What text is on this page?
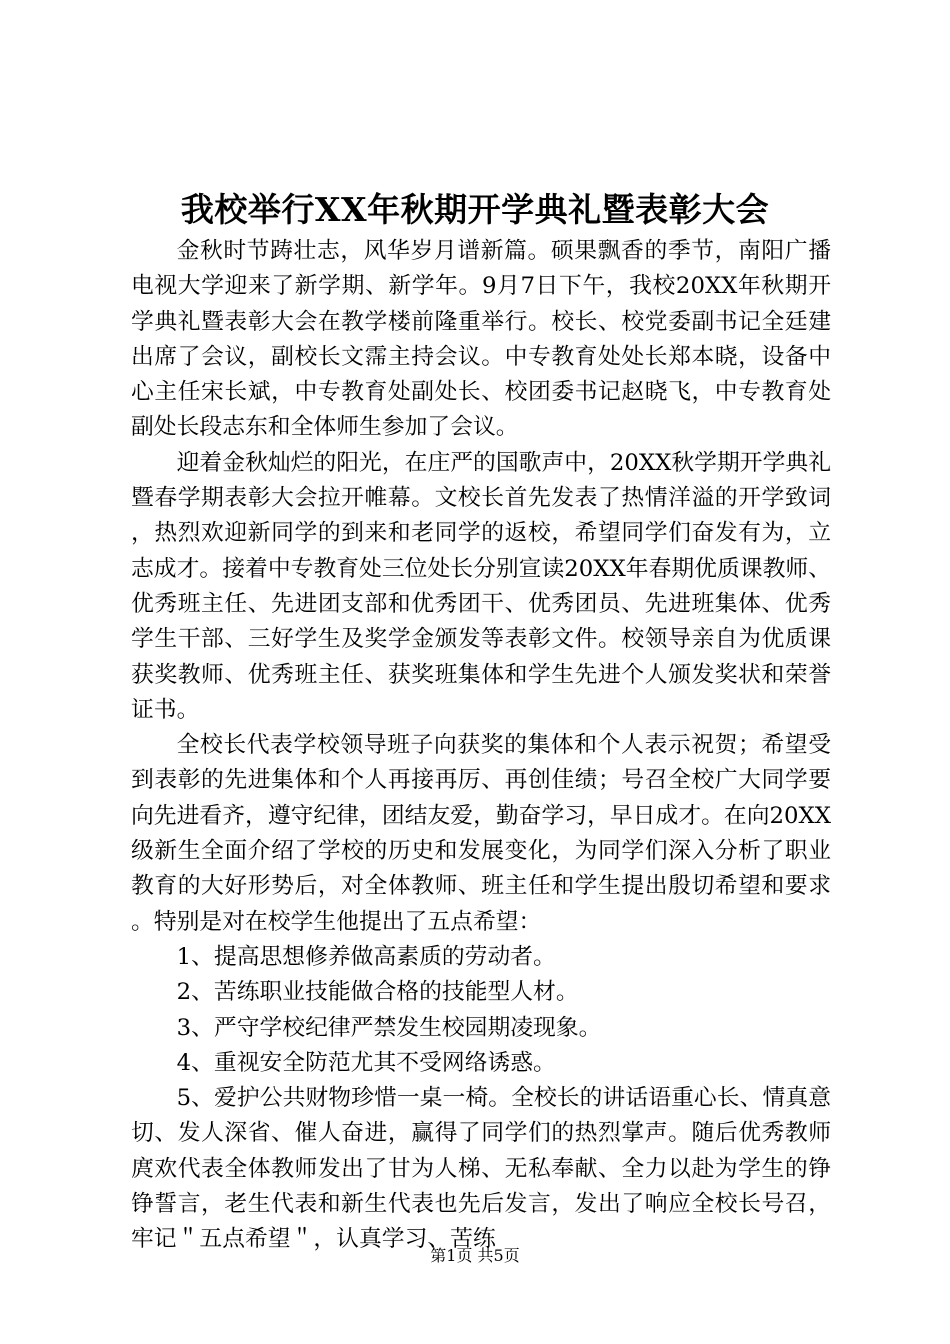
我校举行XX年秋期开学典礼暨表彰大会

金秋时节踌壮志，风华岁月谱新篇。硕果飘香的季节，南阳广播电视大学迎来了新学期、新学年。9月7日下午，我校20XX年秋期开学典礼暨表彰大会在教学楼前隆重举行。校长、校党委副书记全廷建出席了会议，副校长文霈主持会议。中专教育处处长郑本晓，设备中心主任宋长斌，中专教育处副处长、校团委书记赵晓飞，中专教育处副处长段志东和全体师生参加了会议。

迎着金秋灿烂的阳光，在庄严的国歌声中，20XX秋学期开学典礼暨春学期表彰大会拉开帷幕。文校长首先发表了热情洋溢的开学致词，热烈欢迎新同学的到来和老同学的返校，希望同学们奋发有为，立志成才。接着中专教育处三位处长分别宣读20XX年春期优质课教师、优秀班主任、先进团支部和优秀团干、优秀团员、先进班集体、优秀学生干部、三好学生及奖学金颁发等表彰文件。校领导亲自为优质课获奖教师、优秀班主任、获奖班集体和学生先进个人颁发奖状和荣誉证书。

全校长代表学校领导班子向获奖的集体和个人表示祝贺；希望受到表彰的先进集体和个人再接再厉、再创佳绩；号召全校广大同学要向先进看齐，遵守纪律，团结友爱，勤奋学习，早日成才。在向20XX级新生全面介绍了学校的历史和发展变化，为同学们深入分析了职业教育的大好形势后，对全体教师、班主任和学生提出殷切希望和要求。特别是对在校学生他提出了五点希望：

1、提高思想修养做高素质的劳动者。

2、苦练职业技能做合格的技能型人材。

3、严守学校纪律严禁发生校园期凌现象。

4、重视安全防范尤其不受网络诱惑。

5、爱护公共财物珍惜一桌一椅。全校长的讲话语重心长、情真意切、发人深省、催人奋进，赢得了同学们的热烈掌声。随后优秀教师庹欢代表全体教师发出了甘为人梯、无私奉献、全力以赴为学生的铮铮誓言，老生代表和新生代表也先后发言，发出了响应全校长号召，牢记＂五点希望＂，认真学习、苦练

第1页 共5页
